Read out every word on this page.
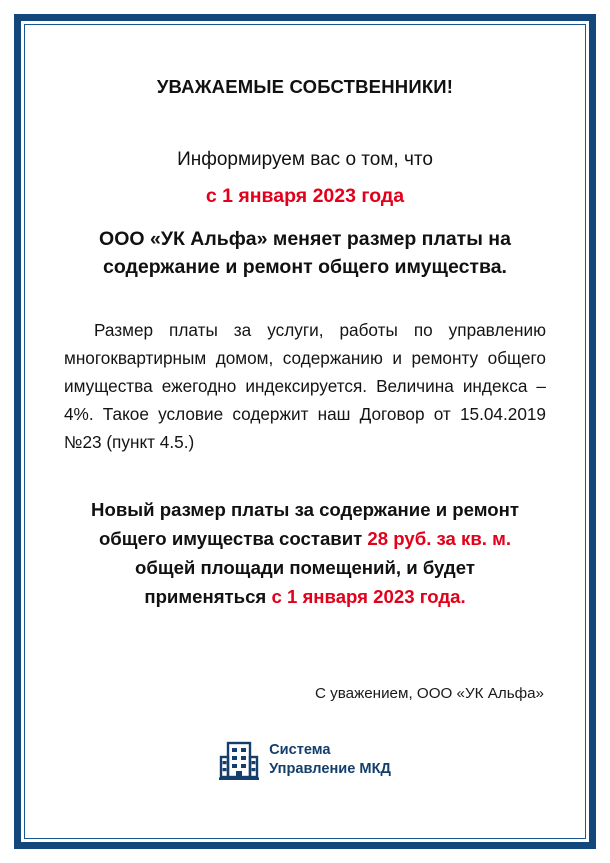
УВАЖАЕМЫЕ СОБСТВЕННИКИ!
Информируем вас о том, что
с 1 января 2023 года
ООО «УК Альфа» меняет размер платы на
содержание и ремонт общего имущества.
Размер платы за услуги, работы по управлению многоквартирным домом, содержанию и ремонту общего имущества ежегодно индексируется. Величина индекса – 4%. Такое условие содержит наш Договор от 15.04.2019 №23 (пункт 4.5.)
Новый размер платы за содержание и ремонт
общего имущества составит 28 руб. за кв. м.
общей площади помещений, и будет
применяться с 1 января 2023 года.
С уважением, ООО «УК Альфа»
Система
Управление МКД
